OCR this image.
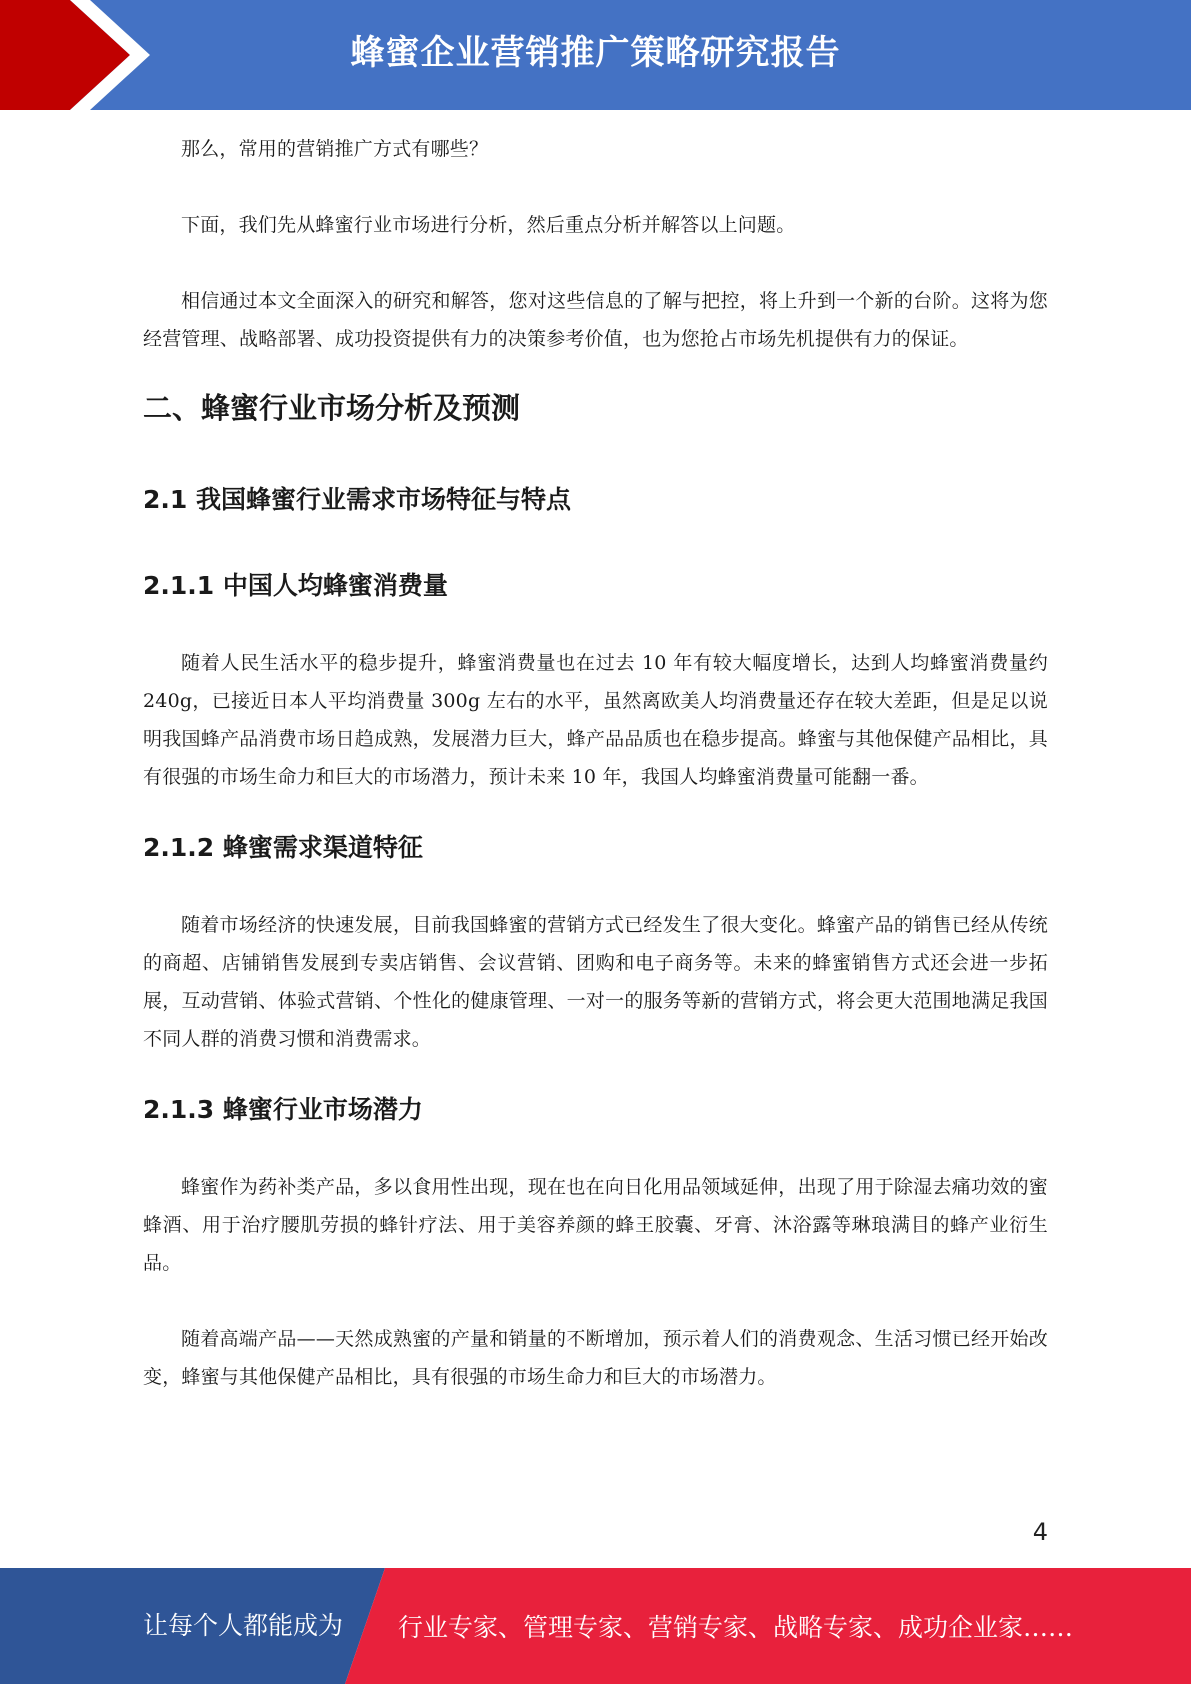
蜂蜜企业营销推广策略研究报告

那么，常用的营销推广方式有哪些？

下面，我们先从蜂蜜行业市场进行分析，然后重点分析并解答以上问题。

相信通过本文全面深入的研究和解答，您对这些信息的了解与把控，将上升到一个新的台阶。这将为您经营管理、战略部署、成功投资提供有力的决策参考价值，也为您抢占市场先机提供有力的保证。

二、蜂蜜行业市场分析及预测
2.1 我国蜂蜜行业需求市场特征与特点
2.1.1 中国人均蜂蜜消费量

随着人民生活水平的稳步提升，蜂蜜消费量也在过去 10 年有较大幅度增长，达到人均蜂蜜消费量约 240g，已接近日本人平均消费量 300g 左右的水平，虽然离欧美人均消费量还存在较大差距，但是足以说明我国蜂产品消费市场日趋成熟，发展潜力巨大，蜂产品品质也在稳步提高。蜂蜜与其他保健产品相比，具有很强的市场生命力和巨大的市场潜力，预计未来 10 年，我国人均蜂蜜消费量可能翻一番。

2.1.2 蜂蜜需求渠道特征

随着市场经济的快速发展，目前我国蜂蜜的营销方式已经发生了很大变化。蜂蜜产品的销售已经从传统的商超、店铺销售发展到专卖店销售、会议营销、团购和电子商务等。未来的蜂蜜销售方式还会进一步拓展，互动营销、体验式营销、个性化的健康管理、一对一的服务等新的营销方式，将会更大范围地满足我国不同人群的消费习惯和消费需求。

2.1.3 蜂蜜行业市场潜力

蜂蜜作为药补类产品，多以食用性出现，现在也在向日化用品领域延伸，出现了用于除湿去痛功效的蜜蜂酒、用于治疗腰肌劳损的蜂针疗法、用于美容养颜的蜂王胶囊、牙膏、沐浴露等琳琅满目的蜂产业衍生品。

随着高端产品——天然成熟蜜的产量和销量的不断增加，预示着人们的消费观念、生活习惯已经开始改变，蜂蜜与其他保健产品相比，具有很强的市场生命力和巨大的市场潜力。

4
让每个人都能成为 行业专家、管理专家、营销专家、战略专家、成功企业家……
